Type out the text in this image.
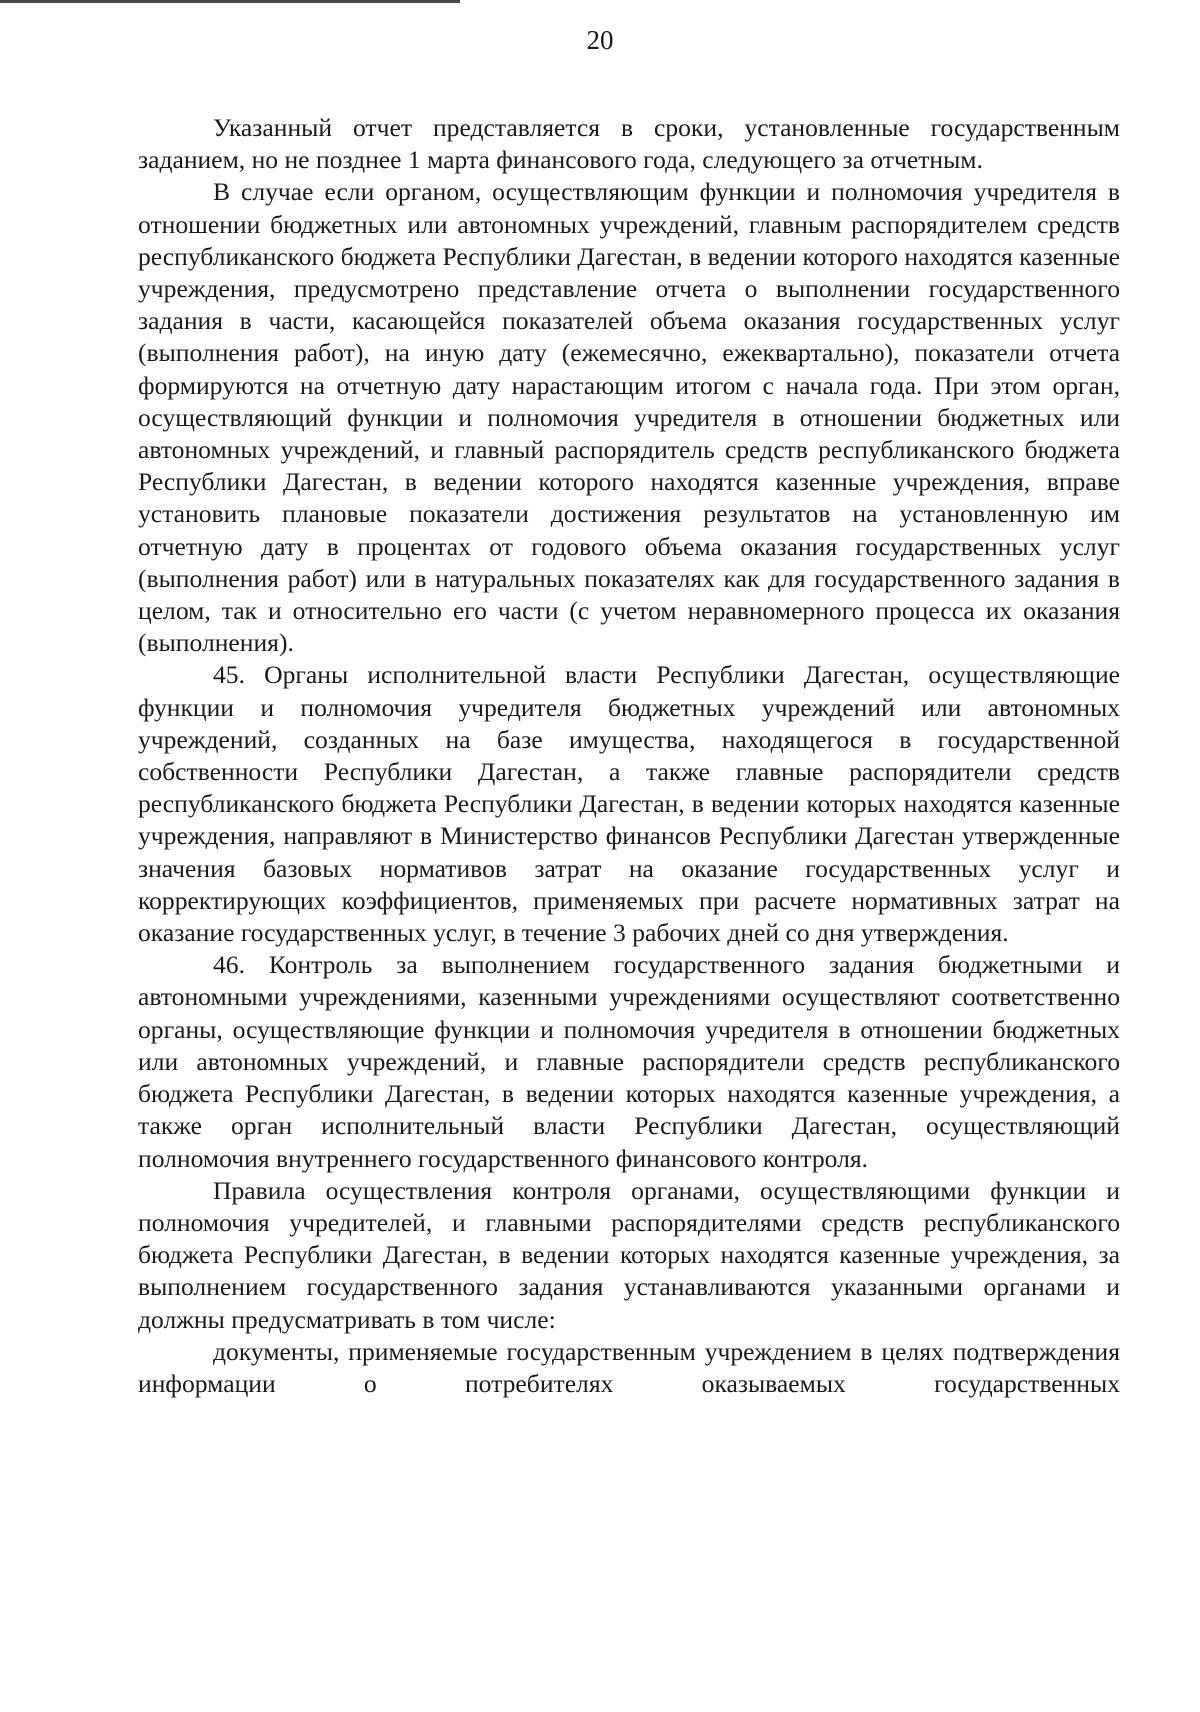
20

Указанный отчет представляется в сроки, установленные государственным заданием, но не позднее 1 марта финансового года, следующего за отчетным.

В случае если органом, осуществляющим функции и полномочия учредителя в отношении бюджетных или автономных учреждений, главным распорядителем средств республиканского бюджета Республики Дагестан, в ведении которого находятся казенные учреждения, предусмотрено представление отчета о выполнении государственного задания в части, касающейся показателей объема оказания государственных услуг (выполнения работ), на иную дату (ежемесячно, ежеквартально), показатели отчета формируются на отчетную дату нарастающим итогом с начала года. При этом орган, осуществляющий функции и полномочия учредителя в отношении бюджетных или автономных учреждений, и главный распорядитель средств республиканского бюджета Республики Дагестан, в ведении которого находятся казенные учреждения, вправе установить плановые показатели достижения результатов на установленную им отчетную дату в процентах от годового объема оказания государственных услуг (выполнения работ) или в натуральных показателях как для государственного задания в целом, так и относительно его части (с учетом неравномерного процесса их оказания (выполнения).

45. Органы исполнительной власти Республики Дагестан, осуществляющие функции и полномочия учредителя бюджетных учреждений или автономных учреждений, созданных на базе имущества, находящегося в государственной собственности Республики Дагестан, а также главные распорядители средств республиканского бюджета Республики Дагестан, в ведении которых находятся казенные учреждения, направляют в Министерство финансов Республики Дагестан утвержденные значения базовых нормативов затрат на оказание государственных услуг и корректирующих коэффициентов, применяемых при расчете нормативных затрат на оказание государственных услуг, в течение 3 рабочих дней со дня утверждения.

46. Контроль за выполнением государственного задания бюджетными и автономными учреждениями, казенными учреждениями осуществляют соответственно органы, осуществляющие функции и полномочия учредителя в отношении бюджетных или автономных учреждений, и главные распорядители средств республиканского бюджета Республики Дагестан, в ведении которых находятся казенные учреждения, а также орган исполнительный власти Республики Дагестан, осуществляющий полномочия внутреннего государственного финансового контроля.

Правила осуществления контроля органами, осуществляющими функции и полномочия учредителей, и главными распорядителями средств республиканского бюджета Республики Дагестан, в ведении которых находятся казенные учреждения, за выполнением государственного задания устанавливаются указанными органами и должны предусматривать в том числе:

документы, применяемые государственным учреждением в целях подтверждения информации о потребителях оказываемых государственных
